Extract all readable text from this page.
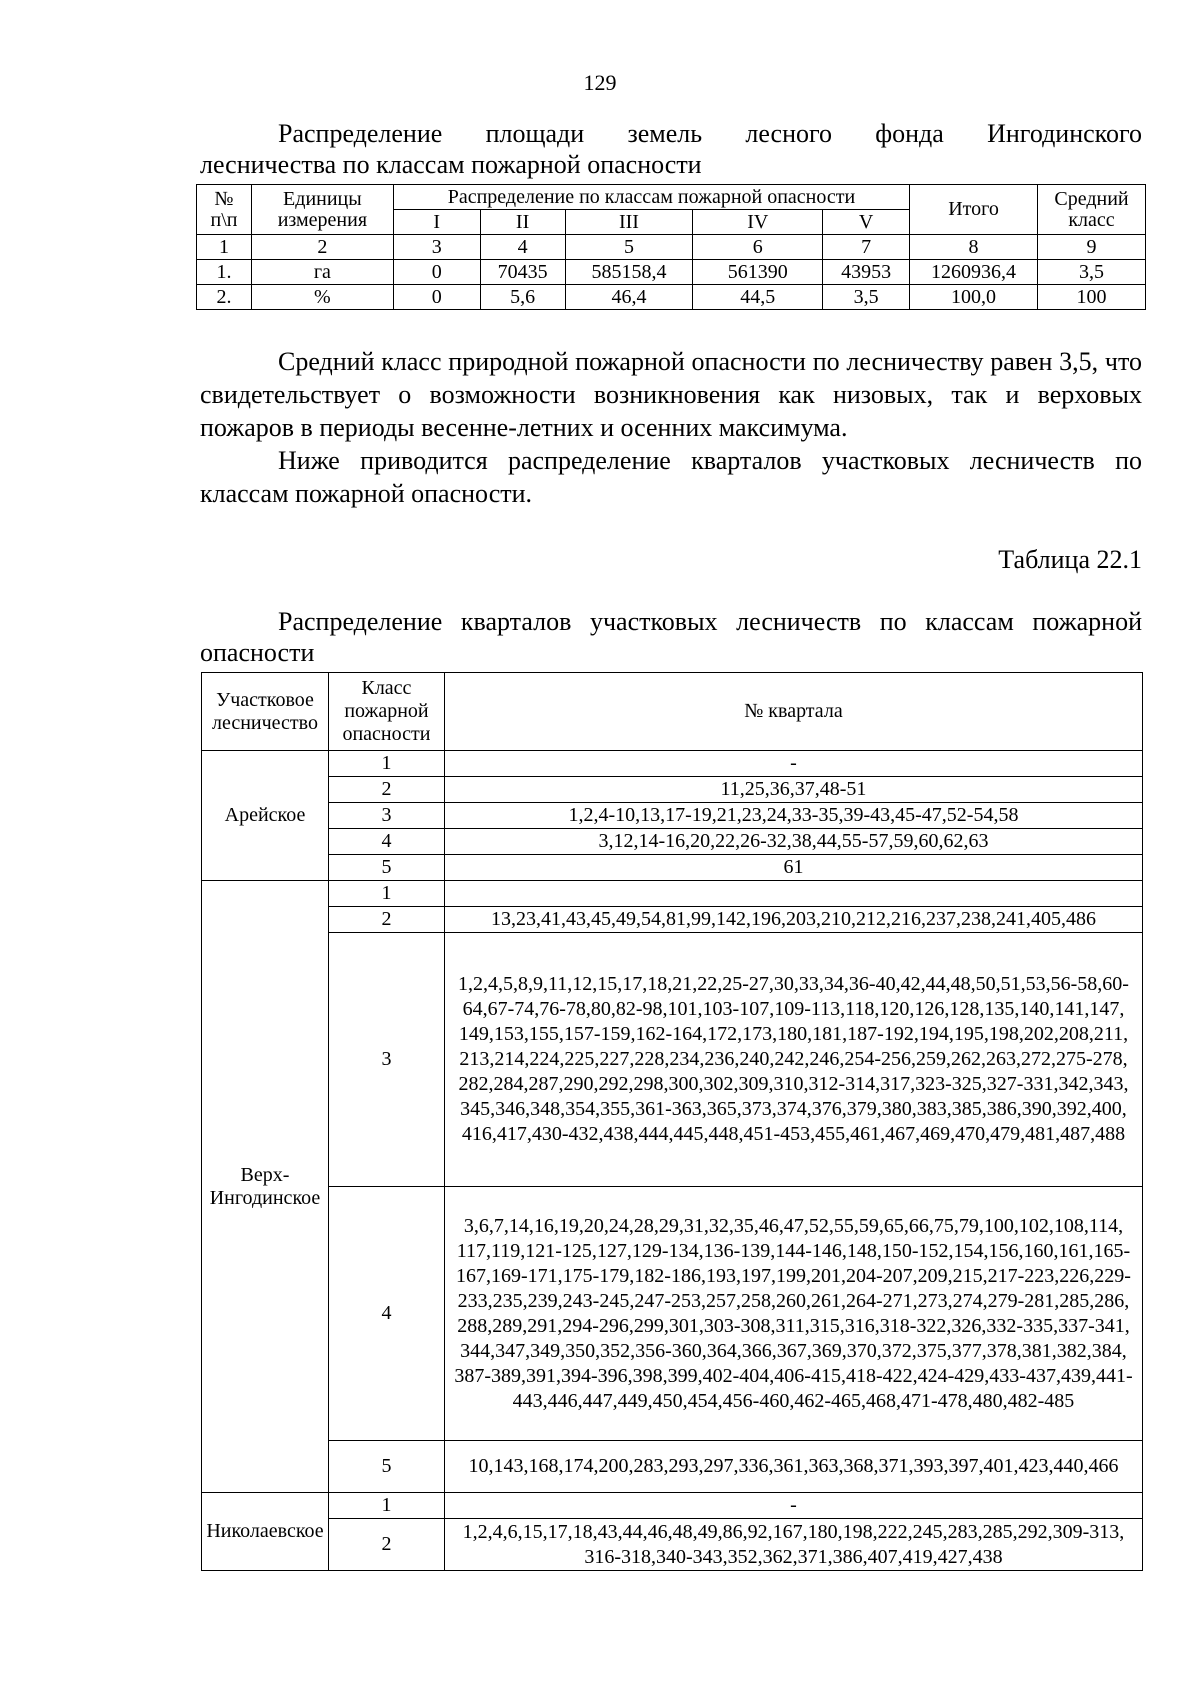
129
Распределение площади земель лесного фонда Ингодинского
лесничества по классам пожарной опасности
№ п\п	Единицы измерения	Распределение по классам пожарной опасности					Итого	Средний класс
		I	II	III	IV	V		
1	2	3	4	5	6	7	8	9
1.	га	0	70435	585158,4	561390	43953	1260936,4	3,5
2.	%	0	5,6	46,4	44,5	3,5	100,0	100

Средний класс природной пожарной опасности по лесничеству равен 3,5, что свидетельствует о возможности возникновения как низовых, так и верховых пожаров в периоды весенне-летних и осенних максимума.

Ниже приводится распределение кварталов участковых лесничеств по классам пожарной опасности.

Таблица 22.1
Распределение кварталов участковых лесничеств по классам пожарной
опасности
Участковое лесничество	Класс пожарной опасности	№ квартала
Арейское	1	-
	2	11,​25,​36,​37,​48-51
	3	1,​2,​4-10,​13,​17-19,​21,​23,​24,​33-35,​39-43,​45-47,​52-54,​58
	4	3,​12,​14-16,​20,​22,​26-32,​38,​44,​55-57,​59,​60,​62,​63
	5	61
Верх-Ингодинское	1	
	2	13,​23,​41,​43,​45,​49,​54,​81,​99,​142,​196,​203,​210,​212,​216,​237,​238,​241,​405,​486
	3	1,​2,​4,​5,​8,​9,​11,​12,​15,​17,​18,​21,​22,​25-27,​30,​33,​34,​36-40,​42,​44,​48,​50,​51,​53,​56-58,​60-64,​67-74,​76-78,​80,​82-98,​101,​103-107,​109-113,​118,​120,​126,​128,​135,​140,​141,​147,​149,​153,​155,​157-159,​162-164,​172,​173,​180,​181,​187-192,​194,​195,​198,​202,​208,​211,​213,​214,​224,​225,​227,​228,​234,​236,​240,​242,​246,​254-256,​259,​262,​263,​272,​275-278,​282,​284,​287,​290,​292,​298,​300,​302,​309,​310,​312-314,​317,​323-325,​327-331,​342,​343,​345,​346,​348,​354,​355,​361-363,​365,​373,​374,​376,​379,​380,​383,​385,​386,​390,​392,​400,​416,​417,​430-432,​438,​444,​445,​448,​451-453,​455,​461,​467,​469,​470,​479,​481,​487,​488
	4	3,​6,​7,​14,​16,​19,​20,​24,​28,​29,​31,​32,​35,​46,​47,​52,​55,​59,​65,​66,​75,​79,​100,​102,​108,​114,​117,​119,​121-125,​127,​129-134,​136-139,​144-146,​148,​150-152,​154,​156,​160,​161,​165-167,​169-171,​175-179,​182-186,​193,​197,​199,​201,​204-207,​209,​215,​217-223,​226,​229-233,​235,​239,​243-245,​247-253,​257,​258,​260,​261,​264-271,​273,​274,​279-281,​285,​286,​288,​289,​291,​294-296,​299,​301,​303-308,​311,​315,​316,​318-322,​326,​332-335,​337-341,​344,​347,​349,​350,​352,​356-360,​364,​366,​367,​369,​370,​372,​375,​377,​378,​381,​382,​384,​387-389,​391,​394-396,​398,​399,​402-404,​406-415,​418-422,​424-429,​433-437,​439,​441-443,​446,​447,​449,​450,​454,​456-460,​462-465,​468,​471-478,​480,​482-485
	5	10,​143,​168,​174,​200,​283,​293,​297,​336,​361,​363,​368,​371,​393,​397,​401,​423,​440,​466
Николаевское	1	-
	2	1,​2,​4,​6,​15,​17,​18,​43,​44,​46,​48,​49,​86,​92,​167,​180,​198,​222,​245,​283,​285,​292,​309-313,​316-318,​340-343,​352,​362,​371,​386,​407,​419,​427,​438
